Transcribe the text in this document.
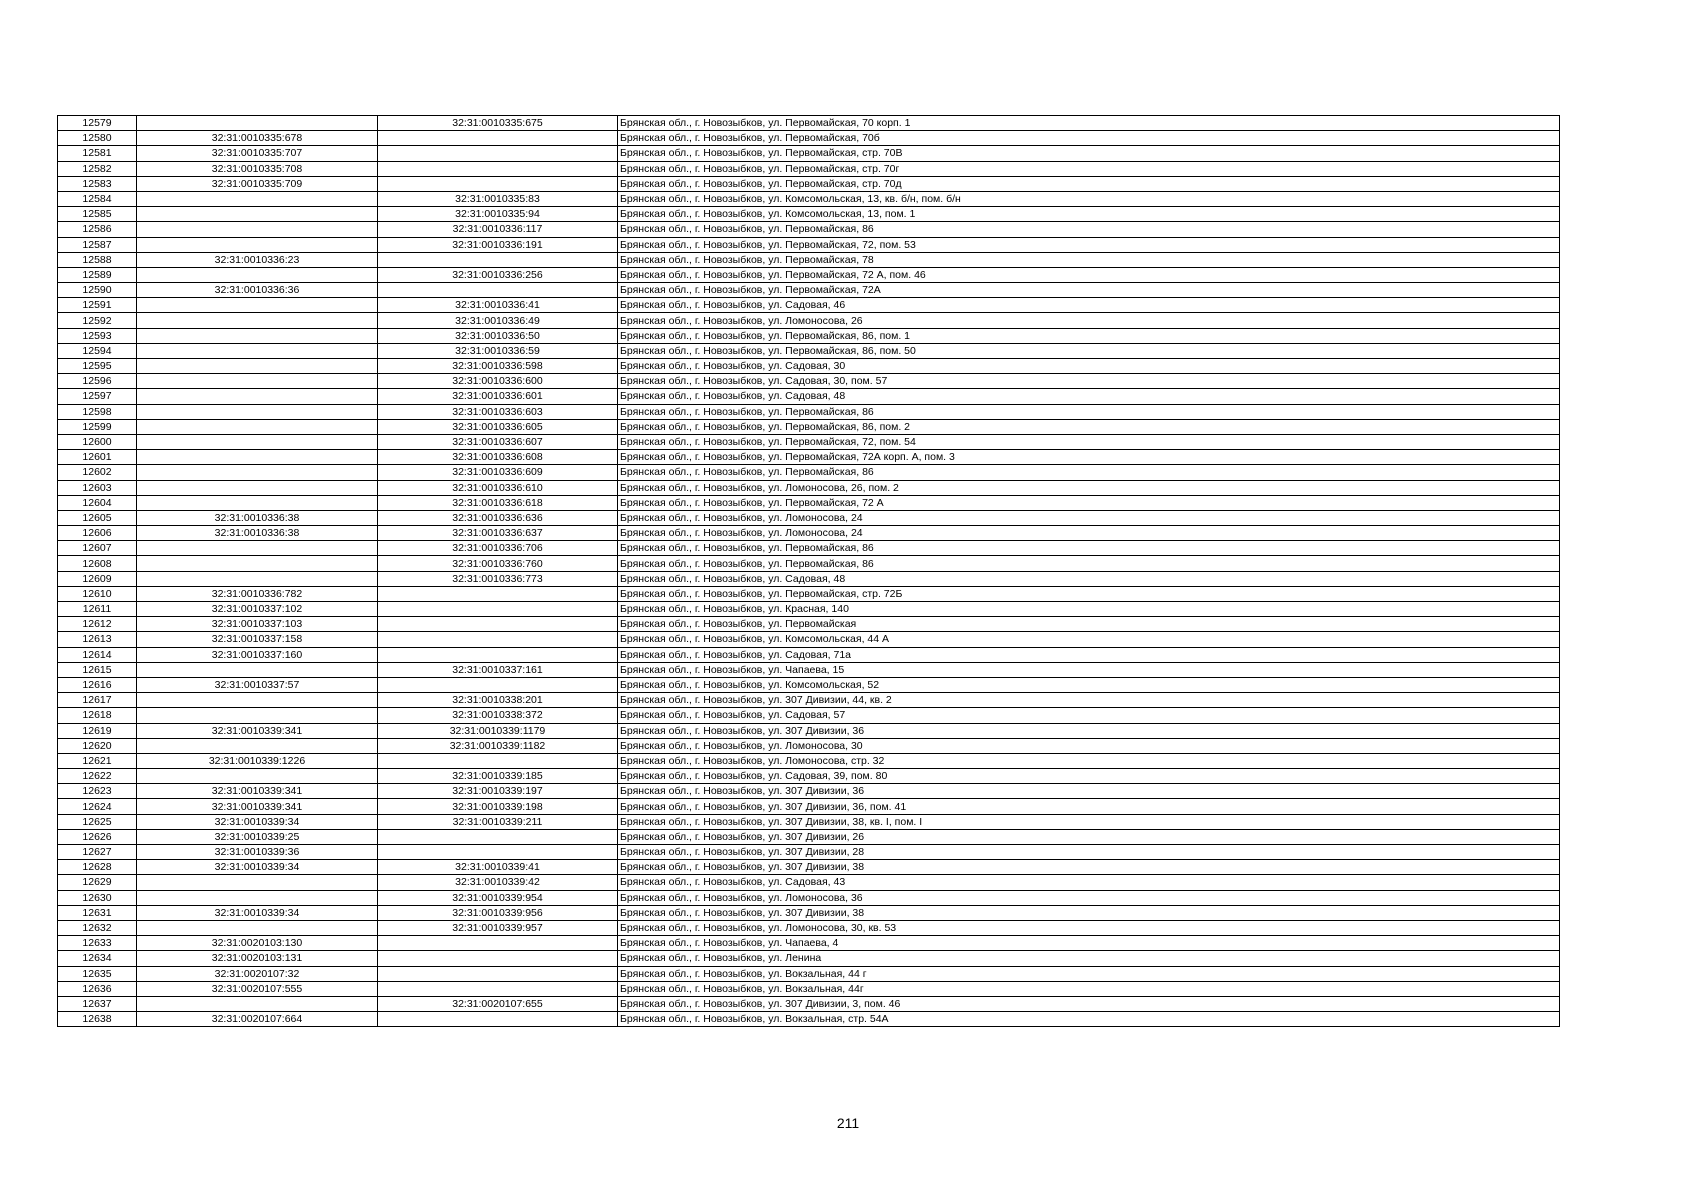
12579		32:31:0010335:675	Брянская обл., г. Новозыбков, ул. Первомайская, 70 корп. 1
12580	32:31:0010335:678		Брянская обл., г. Новозыбков, ул. Первомайская, 70б
12581	32:31:0010335:707		Брянская обл., г. Новозыбков, ул. Первомайская, стр. 70В
12582	32:31:0010335:708		Брянская обл., г. Новозыбков, ул. Первомайская, стр. 70г
12583	32:31:0010335:709		Брянская обл., г. Новозыбков, ул. Первомайская, стр. 70д
12584		32:31:0010335:83	Брянская обл., г. Новозыбков, ул. Комсомольская, 13, кв. б/н, пом. б/н
12585		32:31:0010335:94	Брянская обл., г. Новозыбков, ул. Комсомольская, 13, пом. 1
12586		32:31:0010336:117	Брянская обл., г. Новозыбков, ул. Первомайская, 86
12587		32:31:0010336:191	Брянская обл., г. Новозыбков, ул. Первомайская, 72, пом. 53
12588	32:31:0010336:23		Брянская обл., г. Новозыбков, ул. Первомайская, 78
12589		32:31:0010336:256	Брянская обл., г. Новозыбков, ул. Первомайская, 72 А, пом. 46
12590	32:31:0010336:36		Брянская обл., г. Новозыбков, ул. Первомайская, 72А
12591		32:31:0010336:41	Брянская обл., г. Новозыбков, ул. Садовая, 46
12592		32:31:0010336:49	Брянская обл., г. Новозыбков, ул. Ломоносова, 26
12593		32:31:0010336:50	Брянская обл., г. Новозыбков, ул. Первомайская, 86, пом. 1
12594		32:31:0010336:59	Брянская обл., г. Новозыбков, ул. Первомайская, 86, пом. 50
12595		32:31:0010336:598	Брянская обл., г. Новозыбков, ул. Садовая, 30
12596		32:31:0010336:600	Брянская обл., г. Новозыбков, ул. Садовая, 30, пом. 57
12597		32:31:0010336:601	Брянская обл., г. Новозыбков, ул. Садовая, 48
12598		32:31:0010336:603	Брянская обл., г. Новозыбков, ул. Первомайская, 86
12599		32:31:0010336:605	Брянская обл., г. Новозыбков, ул. Первомайская, 86, пом. 2
12600		32:31:0010336:607	Брянская обл., г. Новозыбков, ул. Первомайская, 72, пом. 54
12601		32:31:0010336:608	Брянская обл., г. Новозыбков, ул. Первомайская, 72А корп. А, пом. 3
12602		32:31:0010336:609	Брянская обл., г. Новозыбков, ул. Первомайская, 86
12603		32:31:0010336:610	Брянская обл., г. Новозыбков, ул. Ломоносова, 26, пом. 2
12604		32:31:0010336:618	Брянская обл., г. Новозыбков, ул. Первомайская, 72 А
12605	32:31:0010336:38	32:31:0010336:636	Брянская обл., г. Новозыбков, ул. Ломоносова, 24
12606	32:31:0010336:38	32:31:0010336:637	Брянская обл., г. Новозыбков, ул. Ломоносова, 24
12607		32:31:0010336:706	Брянская обл., г. Новозыбков, ул. Первомайская, 86
12608		32:31:0010336:760	Брянская обл., г. Новозыбков, ул. Первомайская, 86
12609		32:31:0010336:773	Брянская обл., г. Новозыбков, ул. Садовая, 48
12610	32:31:0010336:782		Брянская обл., г. Новозыбков, ул. Первомайская, стр. 72Б
12611	32:31:0010337:102		Брянская обл., г. Новозыбков, ул. Красная, 140
12612	32:31:0010337:103		Брянская обл., г. Новозыбков, ул. Первомайская
12613	32:31:0010337:158		Брянская обл., г. Новозыбков, ул. Комсомольская, 44 А
12614	32:31:0010337:160		Брянская обл., г. Новозыбков, ул. Садовая, 71а
12615		32:31:0010337:161	Брянская обл., г. Новозыбков, ул. Чапаева, 15
12616	32:31:0010337:57		Брянская обл., г. Новозыбков, ул. Комсомольская, 52
12617		32:31:0010338:201	Брянская обл., г. Новозыбков, ул. 307 Дивизии, 44, кв. 2
12618		32:31:0010338:372	Брянская обл., г. Новозыбков, ул. Садовая, 57
12619	32:31:0010339:341	32:31:0010339:1179	Брянская обл., г. Новозыбков, ул. 307 Дивизии, 36
12620		32:31:0010339:1182	Брянская обл., г. Новозыбков, ул. Ломоносова, 30
12621	32:31:0010339:1226		Брянская обл., г. Новозыбков, ул. Ломоносова, стр. 32
12622		32:31:0010339:185	Брянская обл., г. Новозыбков, ул. Садовая, 39, пом. 80
12623	32:31:0010339:341	32:31:0010339:197	Брянская обл., г. Новозыбков, ул. 307 Дивизии, 36
12624	32:31:0010339:341	32:31:0010339:198	Брянская обл., г. Новозыбков, ул. 307 Дивизии, 36, пом. 41
12625	32:31:0010339:34	32:31:0010339:211	Брянская обл., г. Новозыбков, ул. 307 Дивизии, 38, кв. I, пом. I
12626	32:31:0010339:25		Брянская обл., г. Новозыбков, ул. 307 Дивизии, 26
12627	32:31:0010339:36		Брянская обл., г. Новозыбков, ул. 307 Дивизии, 28
12628	32:31:0010339:34	32:31:0010339:41	Брянская обл., г. Новозыбков, ул. 307 Дивизии, 38
12629		32:31:0010339:42	Брянская обл., г. Новозыбков, ул. Садовая, 43
12630		32:31:0010339:954	Брянская обл., г. Новозыбков, ул. Ломоносова, 36
12631	32:31:0010339:34	32:31:0010339:956	Брянская обл., г. Новозыбков, ул. 307 Дивизии, 38
12632		32:31:0010339:957	Брянская обл., г. Новозыбков, ул. Ломоносова, 30, кв. 53
12633	32:31:0020103:130		Брянская обл., г. Новозыбков, ул. Чапаева, 4
12634	32:31:0020103:131		Брянская обл., г. Новозыбков, ул. Ленина
12635	32:31:0020107:32		Брянская обл., г. Новозыбков, ул. Вокзальная, 44 г
12636	32:31:0020107:555		Брянская обл., г. Новозыбков, ул. Вокзальная, 44г
12637		32:31:0020107:655	Брянская обл., г. Новозыбков, ул. 307 Дивизии, 3, пом. 46
12638	32:31:0020107:664		Брянская обл., г. Новозыбков, ул. Вокзальная, стр. 54А
211
